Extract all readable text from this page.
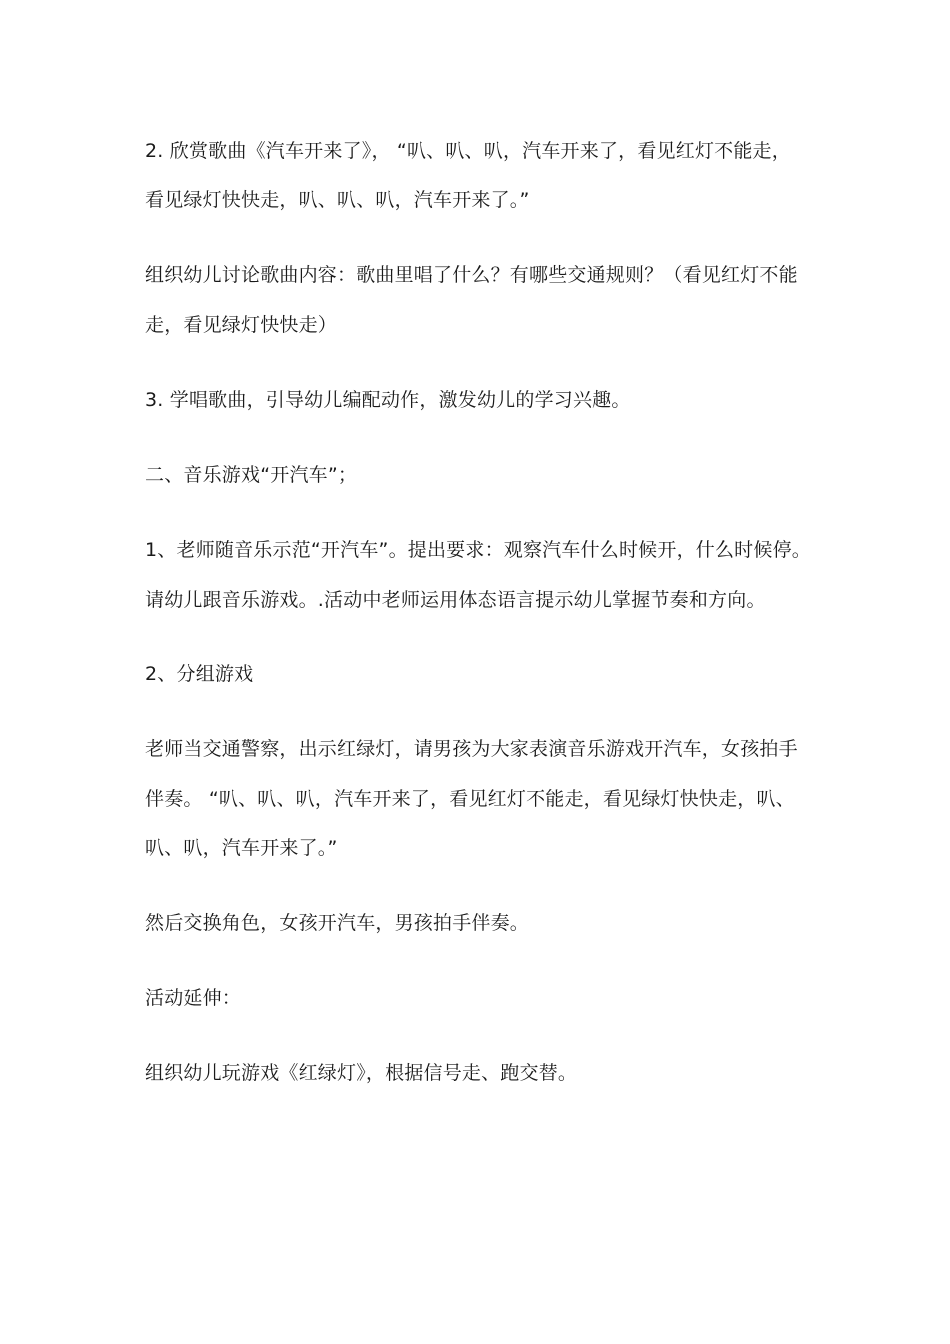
2. 欣赏歌曲《汽车开来了》， “叭、叭、叭，汽车开来了，看见红灯不能走，
看见绿灯快快走，叭、叭、叭，汽车开来了。”
组织幼儿讨论歌曲内容：歌曲里唱了什么？有哪些交通规则？（看见红灯不能
走，看见绿灯快快走）
3. 学唱歌曲，引导幼儿编配动作，激发幼儿的学习兴趣。
二、音乐游戏“开汽车”；
1、老师随音乐示范“开汽车”。提出要求：观察汽车什么时候开，什么时候停。
请幼儿跟音乐游戏。.活动中老师运用体态语言提示幼儿掌握节奏和方向。
2、分组游戏
老师当交通警察，出示红绿灯，请男孩为大家表演音乐游戏开汽车，女孩拍手
伴奏。 “叭、叭、叭，汽车开来了，看见红灯不能走，看见绿灯快快走，叭、
叭、叭，汽车开来了。”
然后交换角色，女孩开汽车，男孩拍手伴奏。
活动延伸：
组织幼儿玩游戏《红绿灯》，根据信号走、跑交替。
